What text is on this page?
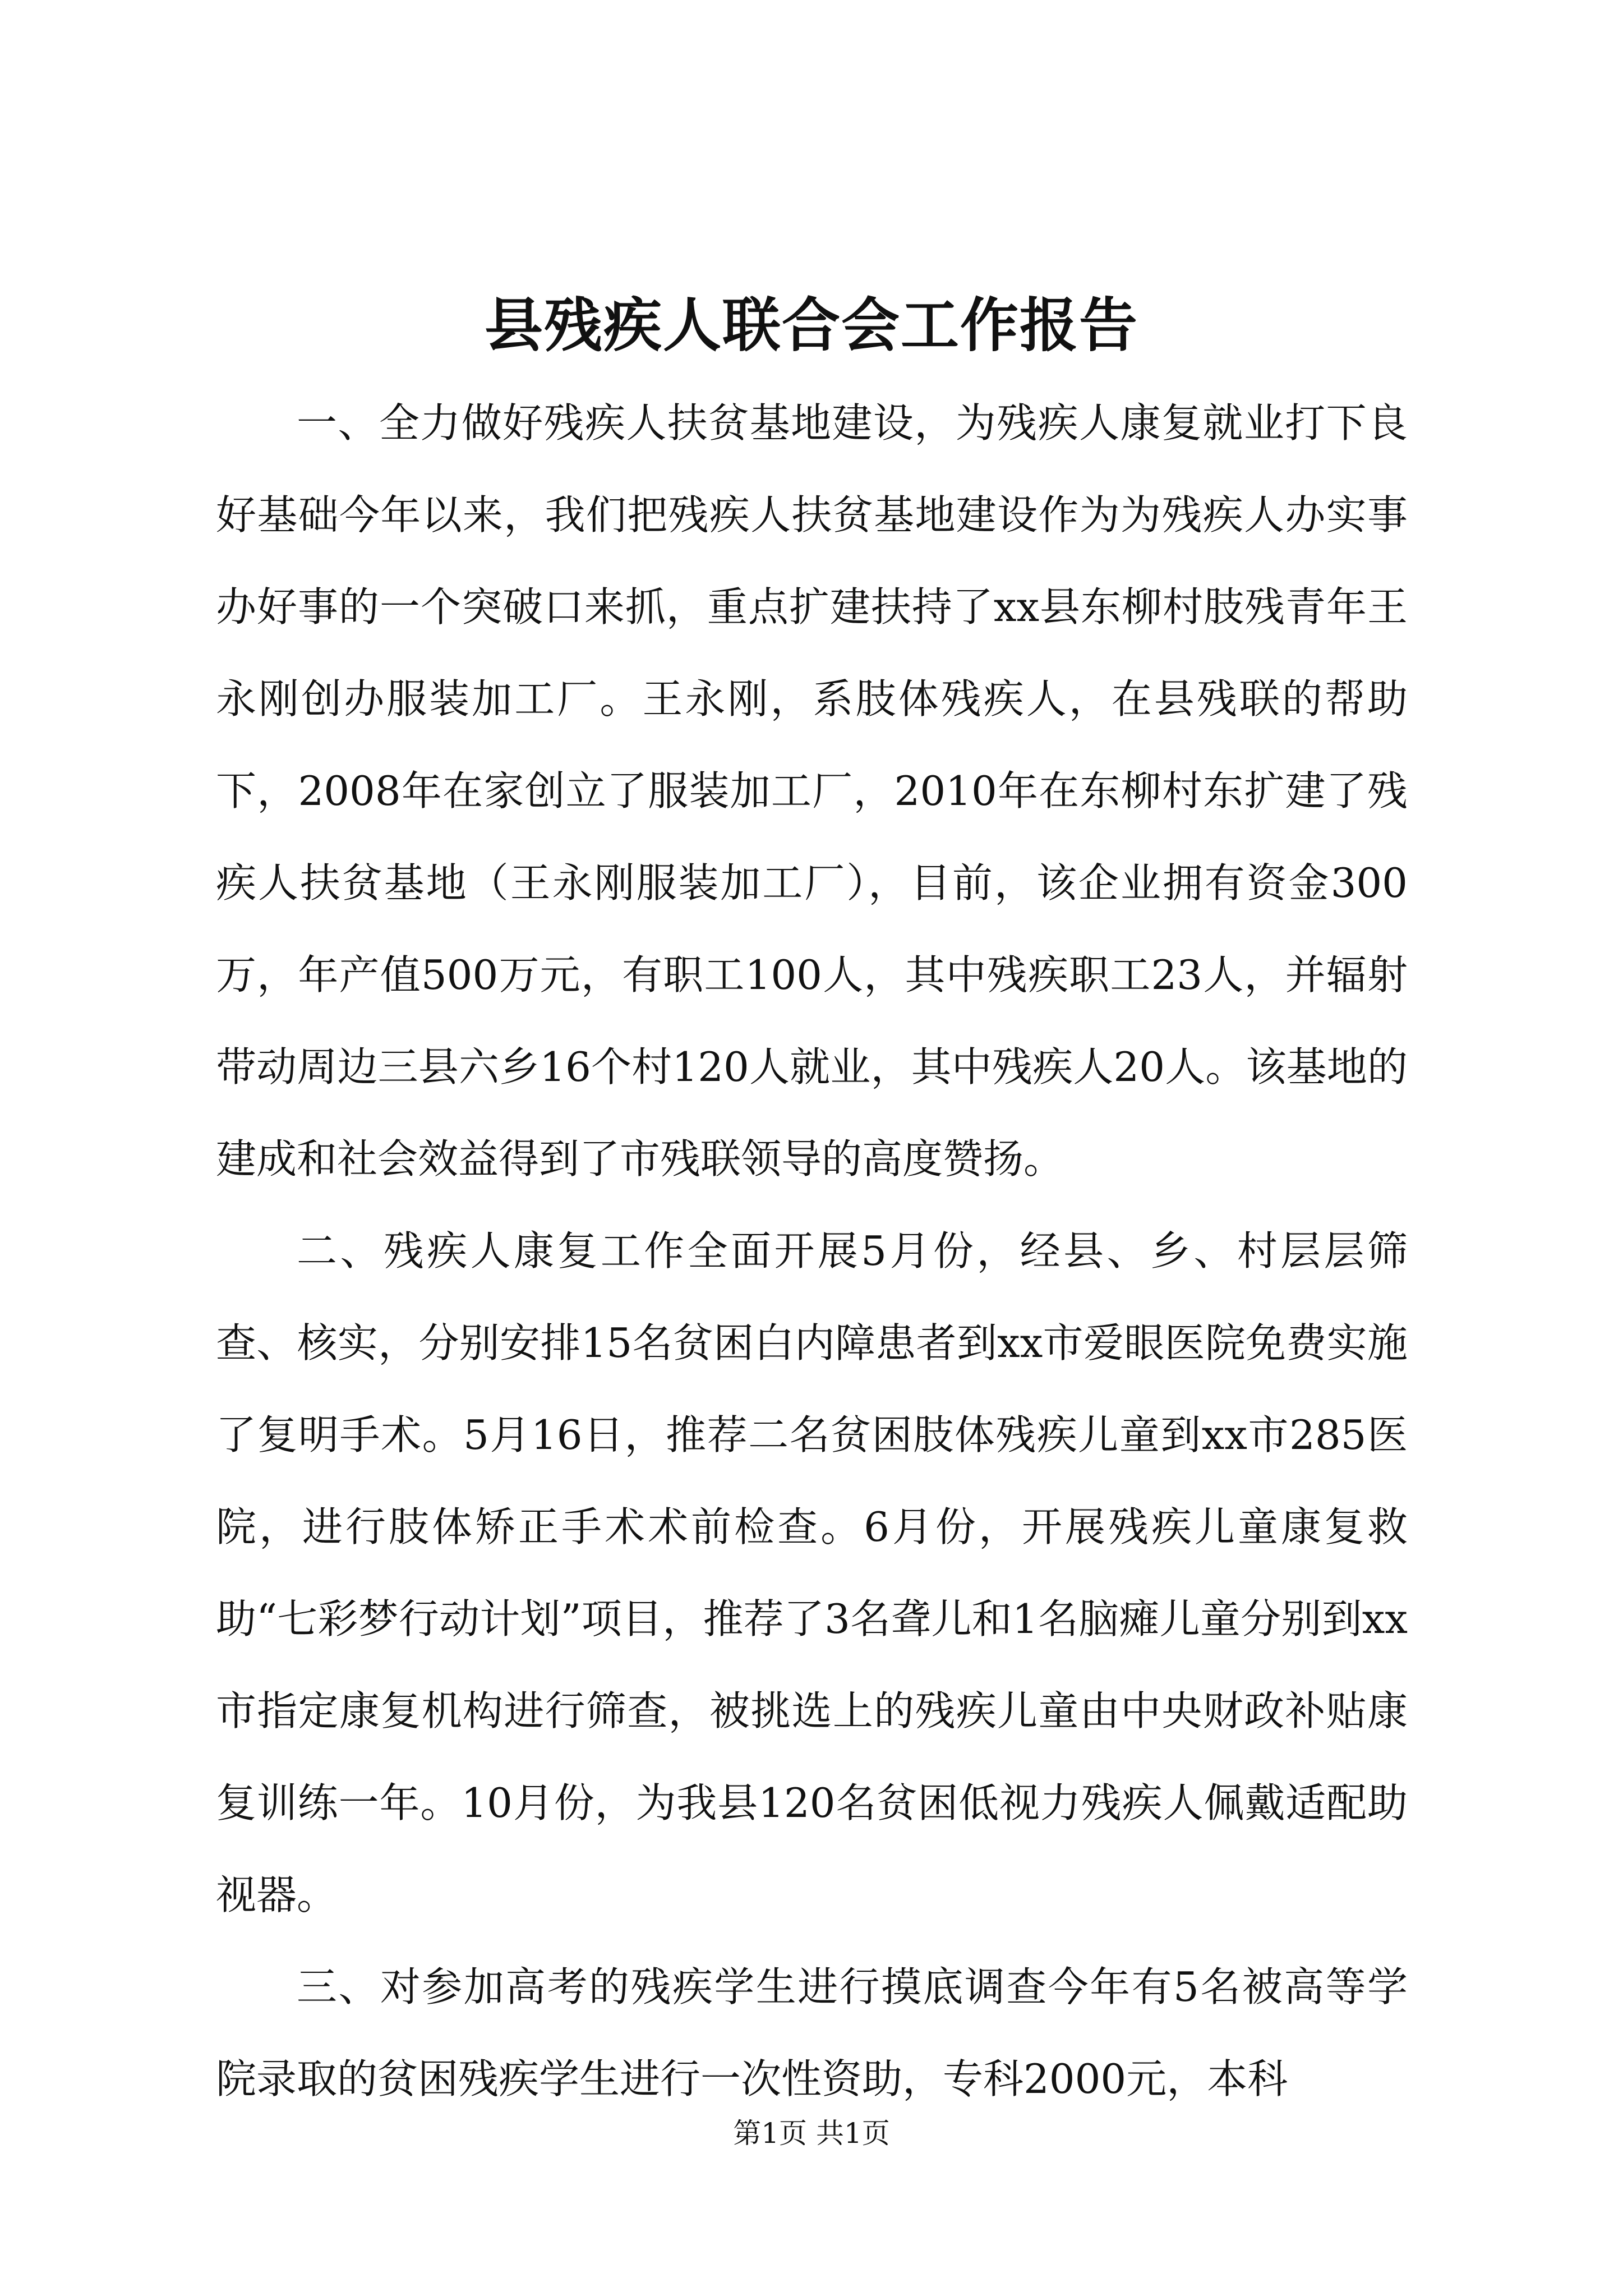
县残疾人联合会工作报告

一、全力做好残疾人扶贫基地建设，为残疾人康复就业打下良好基础今年以来，我们把残疾人扶贫基地建设作为为残疾人办实事办好事的一个突破口来抓，重点扩建扶持了xx县东柳村肢残青年王永刚创办服装加工厂。王永刚，系肢体残疾人，在县残联的帮助下，2008年在家创立了服装加工厂，2010年在东柳村东扩建了残疾人扶贫基地（王永刚服装加工厂），目前，该企业拥有资金300万，年产值500万元，有职工100人，其中残疾职工23人，并辐射带动周边三县六乡16个村120人就业，其中残疾人20人。该基地的建成和社会效益得到了市残联领导的高度赞扬。

二、残疾人康复工作全面开展5月份，经县、乡、村层层筛查、核实，分别安排15名贫困白内障患者到xx市爱眼医院免费实施了复明手术。5月16日，推荐二名贫困肢体残疾儿童到xx市285医院，进行肢体矫正手术术前检查。6月份，开展残疾儿童康复救助“七彩梦行动计划”项目，推荐了3名聋儿和1名脑瘫儿童分别到xx市指定康复机构进行筛查，被挑选上的残疾儿童由中央财政补贴康复训练一年。10月份，为我县120名贫困低视力残疾人佩戴适配助视器。

三、对参加高考的残疾学生进行摸底调查今年有5名被高等学院录取的贫困残疾学生进行一次性资助，专科2000元，本科

第1页 共1页
